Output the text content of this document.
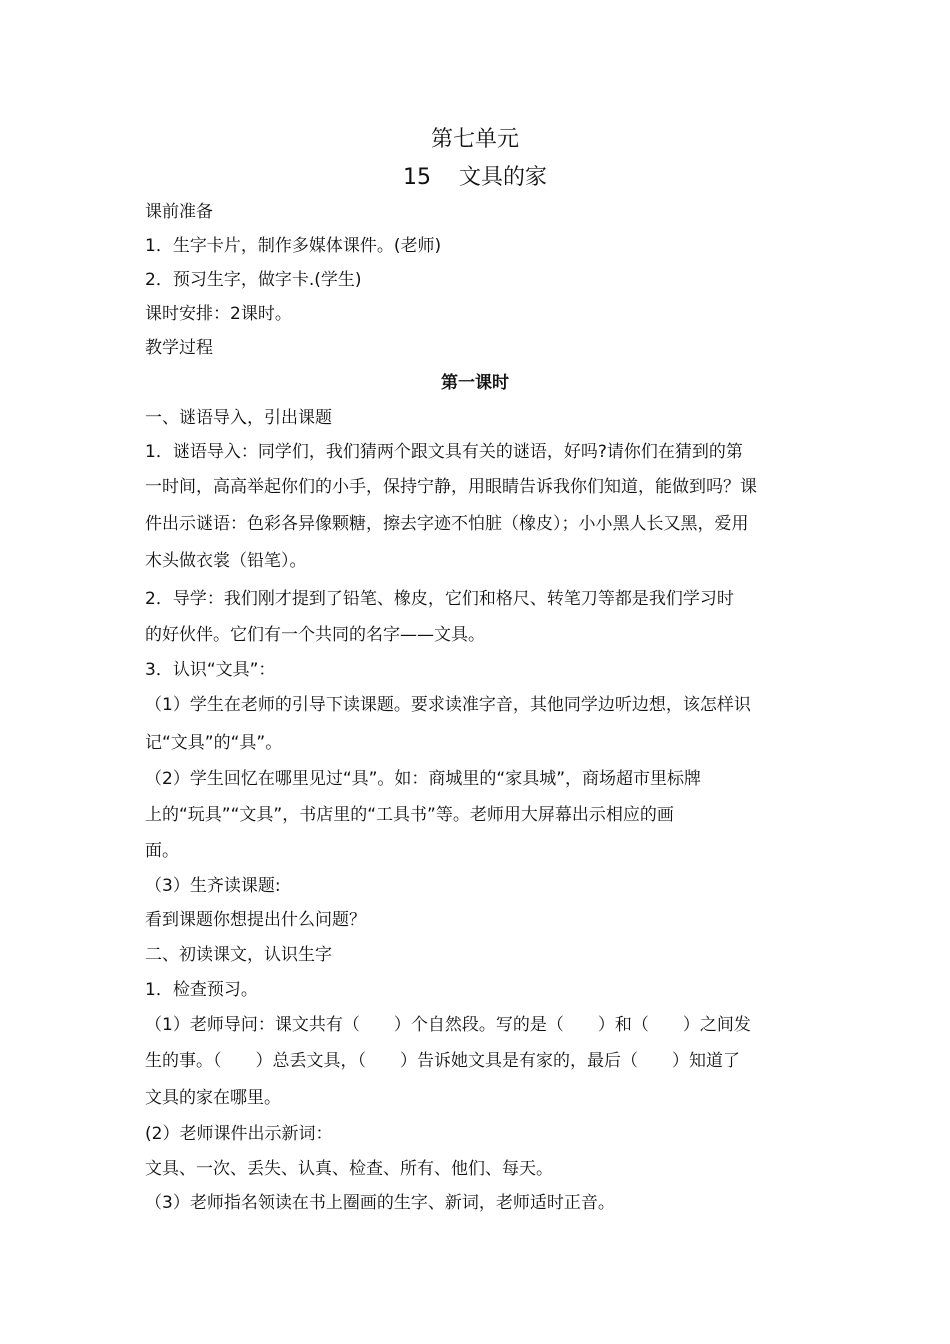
第七单元
15 文具的家
课前准备
1．生字卡片，制作多媒体课件。(老师)
2．预习生字，做字卡.(学生)
课时安排：2课时。
教学过程
第一课时
一、谜语导入，引出课题
1．谜语导入：同学们，我们猜两个跟文具有关的谜语，好吗?请你们在猜到的第
一时间，高高举起你们的小手，保持宁静，用眼睛告诉我你们知道，能做到吗？课
件出示谜语：色彩各异像颗糖，擦去字迹不怕脏（橡皮）；小小黑人长又黑，爱用
木头做衣裳（铅笔）。
2．导学：我们刚才提到了铅笔、橡皮，它们和格尺、转笔刀等都是我们学习时
的好伙伴。它们有一个共同的名字——文具。
3．认识“文具”：
（1）学生在老师的引导下读课题。要求读准字音，其他同学边听边想，该怎样识
记“文具”的“具”。
（2）学生回忆在哪里见过“具”。如：商城里的“家具城”，商场超市里标牌
上的“玩具”“文具”，书店里的“工具书”等。老师用大屏幕出示相应的画
面。
（3）生齐读课题:
看到课题你想提出什么问题？
二、初读课文，认识生字
1．检查预习。
（1）老师导问：课文共有（　　）个自然段。写的是（　　）和（　　）之间发
生的事。（　　）总丢文具，（　　）告诉她文具是有家的，最后（　　）知道了
文具的家在哪里。
(2）老师课件出示新词：
文具、一次、丢失、认真、检查、所有、他们、每天。
（3）老师指名领读在书上圈画的生字、新词，老师适时正音。
